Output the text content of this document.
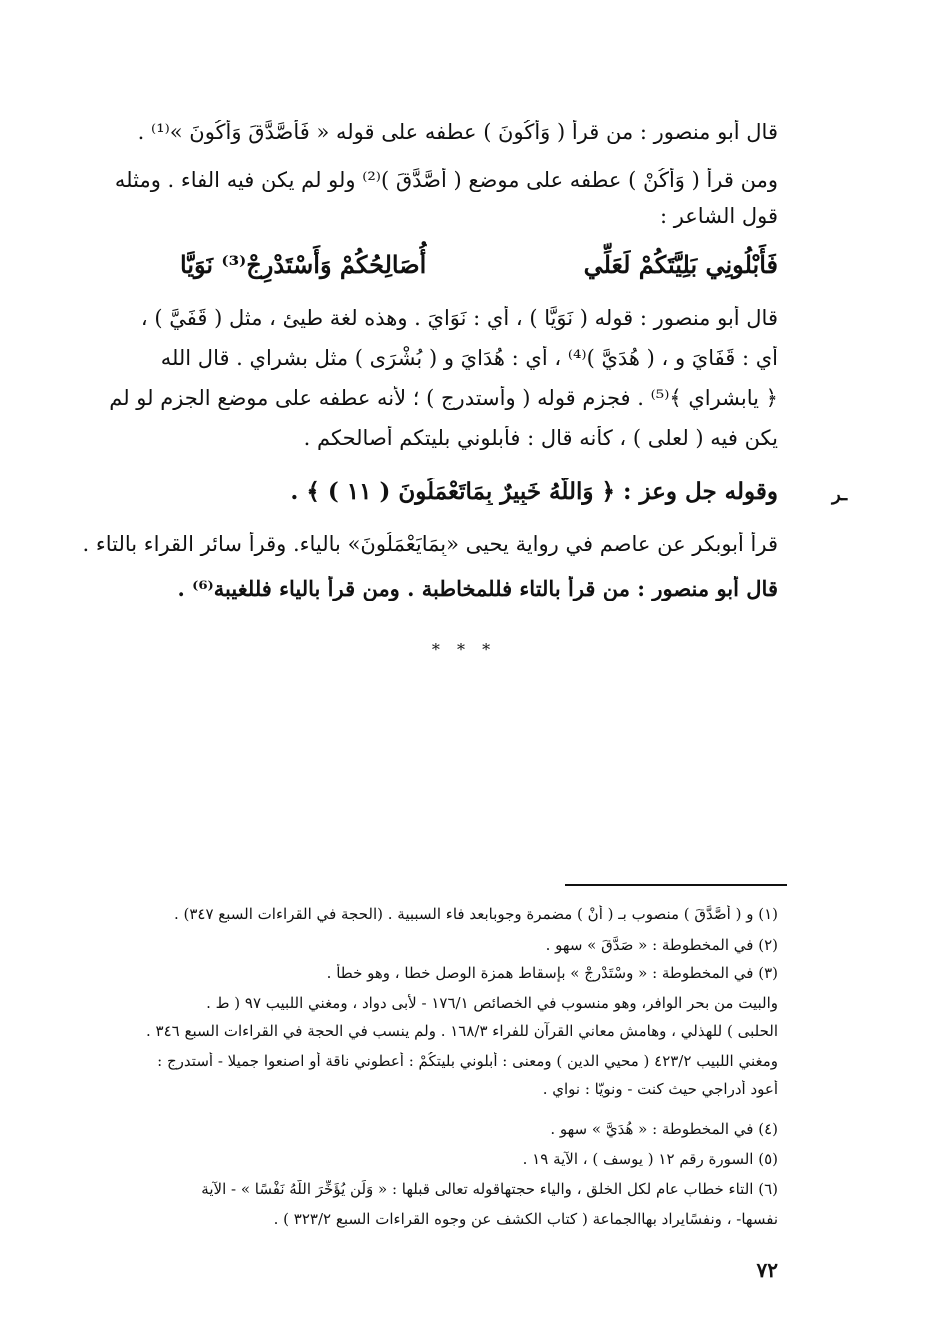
قال أبو منصور : من قرأ ( وَأَكُونَ ) عطفه على قوله « فَأَصَّدَّقَ وَأَكُونَ »⁽¹⁾ .
ومن قرأ ( وَأَكُنْ ) عطفه على موضع ( أَصَّدَّقَ )⁽²⁾ ولو لم يكن فيه الفاء . ومثله
قول الشاعر :
فَأَبْلُونِي بَلِيَّتَكُمْ لَعَلِّي
أُصَالِحُكُمْ وَأَسْتَدْرِجْ⁽³⁾ نَوَيَّا
قال أبو منصور : قوله ( نَوَيَّا ) ، أي : نَوَايَ . وهذه لغة طيئ ، مثل ( قَفَيَّ ) ،
أي : قَفَايَ و ، ( هُدَيَّ )⁽⁴⁾ ، أي : هُدَايَ و ( بُشْرَى ) مثل بشراي . قال الله
﴿ يابشراي ﴾⁽⁵⁾ . فجزم قوله ( وأستدرج ) ؛ لأنه عطفه على موضع الجزم لو لم
يكن فيه ( لعلى ) ، كأنه قال : فأبلوني بليتكم أصالحكم .
وقوله جل وعز : ﴿ وَاللَّهُ خَبِيرٌ بِمَاتَعْمَلُونَ ( ١١ ) ﴾ .
قرأ أبوبكر عن عاصم في رواية يحيى «بِمَايَعْمَلُونَ» بالياء. وقرأ سائر القراء بالتاء .
قال أبو منصور : من قرأ بالتاء فللمخاطبة . ومن قرأ بالياء فللغيبة⁽⁶⁾ .
* * *
(١) و ( أَصَّدَّقَ ) منصوب بـ ( أَنْ ) مضمرة وجوبابعد فاء السببية . (الحجة في القراءات السبع ٣٤٧) .
(٢) في المخطوطة : « صَدَّقَ » سهو .
(٣) في المخطوطة : « وسْتَدْرِجْ » بإسقاط همزة الوصل خطا ، وهو خطأ .
والبيت من بحر الوافر، وهو منسوب في الخصائص ١٧٦/١ - لأبى دواد ، ومغني اللبيب ٩٧ ( ط .
الحلبى ) للهذلي ، وهامش معاني القرآن للفراء ١٦٨/٣ . ولم ينسب في الحجة في القراءات السبع ٣٤٦ .
ومغني اللبيب ٤٢٣/٢ ( محيي الدين ) ومعنى : أبلوني بليتكُمْ : أعطوني ناقة أو اصنعوا جميلا - أستدرج :
أعود أدراجي حيث كنت - ونويّا : نواي .
(٤) في المخطوطة : « هُدَيَّ » سهو .
(٥) السورة رقم ١٢ ( يوسف ) ، الآية ١٩ .
(٦) التاء خطاب عام لكل الخلق ، والياء حجتهاقوله تعالى قبلها : « وَلَن يُؤَخِّرَ اللَّهُ نَفْسًا » - الآية
نفسها- ، ونفسًايراد بهاالجماعة ( كتاب الكشف عن وجوه القراءات السبع ٣٢٣/٢ ) .
٧٢
ـر
